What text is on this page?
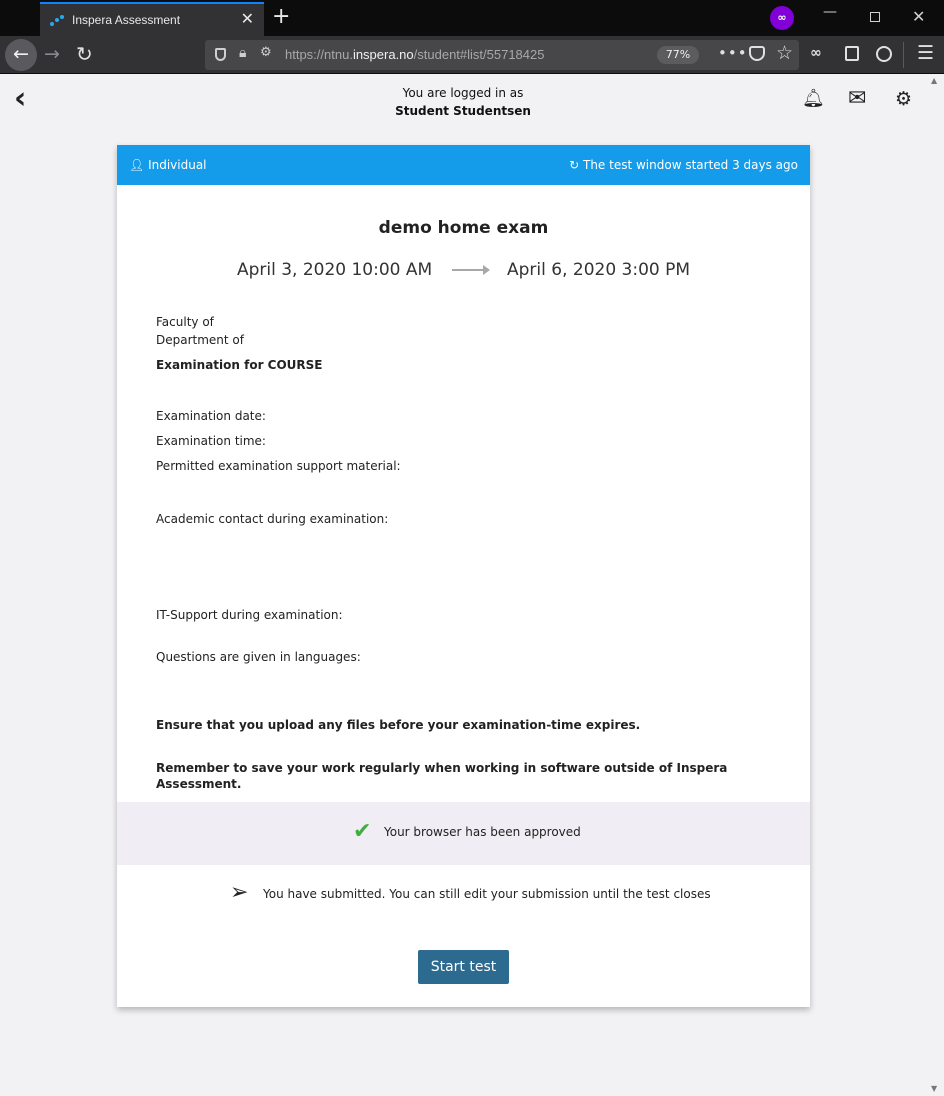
Inspera Assessment	✕ +	∞	—	✕
← → ↻	🔒︎ ⚙ https://ntnu.inspera.no/student#list/55718425	77%	••• ☆ ∞	☰
‹	You are logged in as
Student Studentsen
🔔︎ ✉ ⚙
👤︎ Individual	↻ The test window started 3 days ago
demo home exam
April 3, 2020 10:00 AM	April 6, 2020 3:00 PM
Faculty of
Department of
Examination for COURSE
Examination date:
Examination time:
Permitted examination support material:
Academic contact during examination:
IT-Support during examination:
Questions are given in languages:
Ensure that you upload any files before your examination-time expires.
Remember to save your work regularly when working in software outside of Inspera Assessment.
✔ Your browser has been approved
➢ You have submitted. You can still edit your submission until the test closes
Start test
▲
▼
